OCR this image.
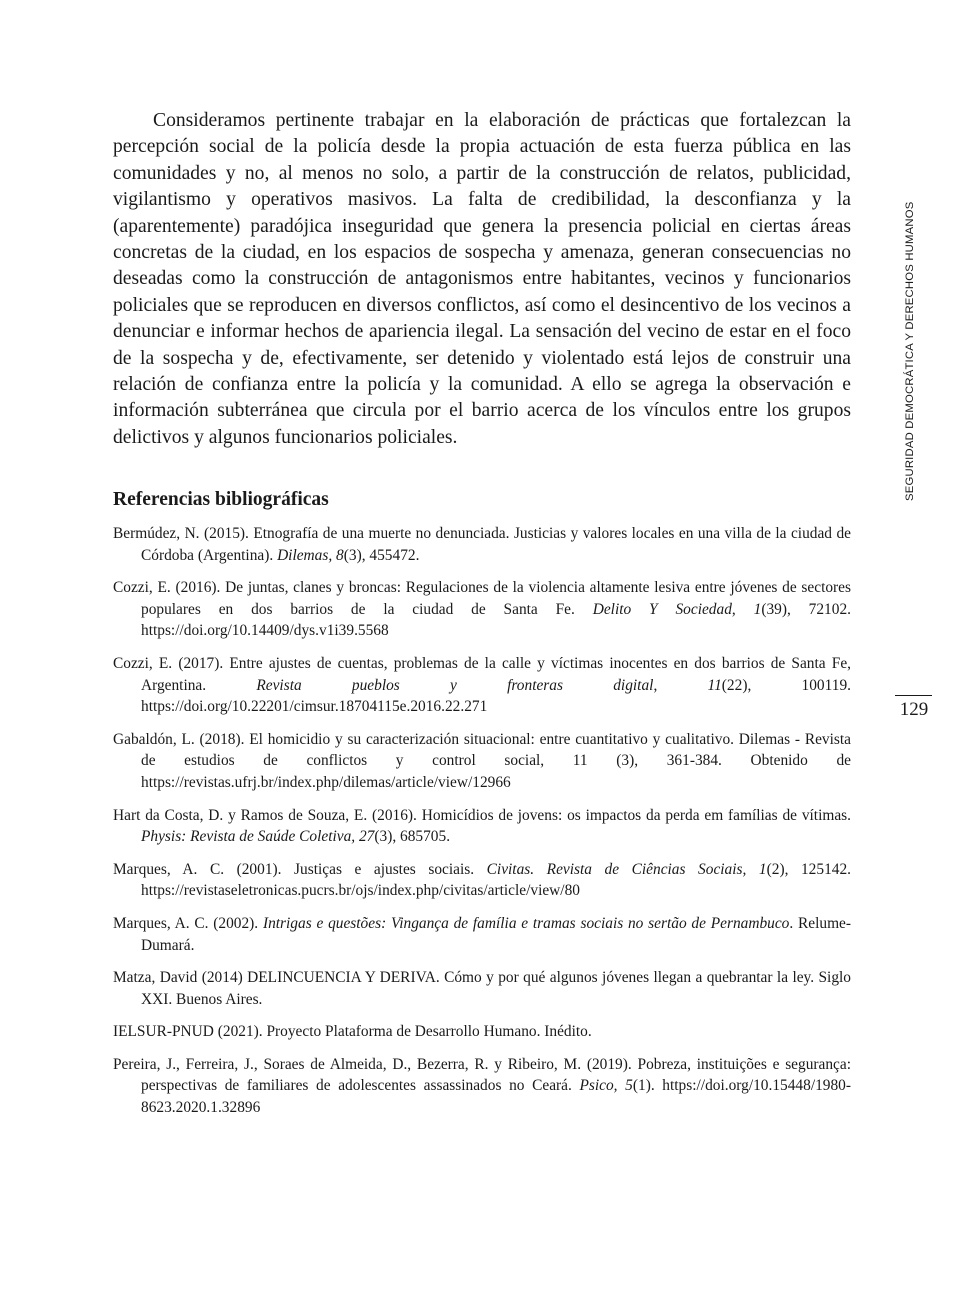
Consideramos pertinente trabajar en la elaboración de prácticas que fortalezcan la percepción social de la policía desde la propia actuación de esta fuerza pública en las comunidades y no, al menos no solo, a partir de la construcción de relatos, publicidad, vigilantismo y operativos masivos. La falta de credibilidad, la desconfianza y la (aparentemente) paradójica inseguridad que genera la presencia policial en ciertas áreas concretas de la ciudad, en los espacios de sospecha y amenaza, generan consecuencias no deseadas como la construcción de antagonismos entre habitantes, vecinos y funcionarios policiales que se reproducen en diversos conflictos, así como el desincentivo de los vecinos a denunciar e informar hechos de apariencia ilegal. La sensación del vecino de estar en el foco de la sospecha y de, efectivamente, ser detenido y violentado está lejos de construir una relación de confianza entre la policía y la comunidad. A ello se agrega la observación e información subterránea que circula por el barrio acerca de los vínculos entre los grupos delictivos y algunos funcionarios policiales.

Referencias bibliográficas

Bermúdez, N. (2015). Etnografía de una muerte no denunciada. Justicias y valores locales en una villa de la ciudad de Córdoba (Argentina). Dilemas, 8(3), 455472.

Cozzi, E. (2016). De juntas, clanes y broncas: Regulaciones de la violencia altamente lesiva entre jóvenes de sectores populares en dos barrios de la ciudad de Santa Fe. Delito Y Sociedad, 1(39), 72102. https://doi.org/10.14409/dys.v1i39.5568

Cozzi, E. (2017). Entre ajustes de cuentas, problemas de la calle y víctimas inocentes en dos barrios de Santa Fe, Argentina. Revista pueblos y fronteras digital, 11(22), 100119. https://doi.org/10.22201/cimsur.18704115e.2016.22.271

Gabaldón, L. (2018). El homicidio y su caracterización situacional: entre cuantitativo y cualitativo. Dilemas - Revista de estudios de conflictos y control social, 11 (3), 361-384. Obtenido de https://revistas.ufrj.br/index.php/dilemas/article/view/12966

Hart da Costa, D. y Ramos de Souza, E. (2016). Homicídios de jovens: os impactos da perda em famílias de vítimas. Physis: Revista de Saúde Coletiva, 27(3), 685705.

Marques, A. C. (2001). Justiças e ajustes sociais. Civitas. Revista de Ciências Sociais, 1(2), 125142. https://revistaseletronicas.pucrs.br/ojs/index.php/civitas/article/view/80

Marques, A. C. (2002). Intrigas e questões: Vingança de família e tramas sociais no sertão de Pernambuco. Relume-Dumará.

Matza, David (2014) DELINCUENCIA Y DERIVA. Cómo y por qué algunos jóvenes llegan a quebrantar la ley. Siglo XXI. Buenos Aires.

IELSUR-PNUD (2021). Proyecto Plataforma de Desarrollo Humano. Inédito.

Pereira, J., Ferreira, J., Soraes de Almeida, D., Bezerra, R. y Ribeiro, M. (2019). Pobreza, instituições e segurança: perspectivas de familiares de adolescentes assassinados no Ceará. Psico, 5(1). https://doi.org/10.15448/1980-8623.2020.1.32896

SEGURIDAD DEMOCRÁTICA Y DERECHOS HUMANOS
129
